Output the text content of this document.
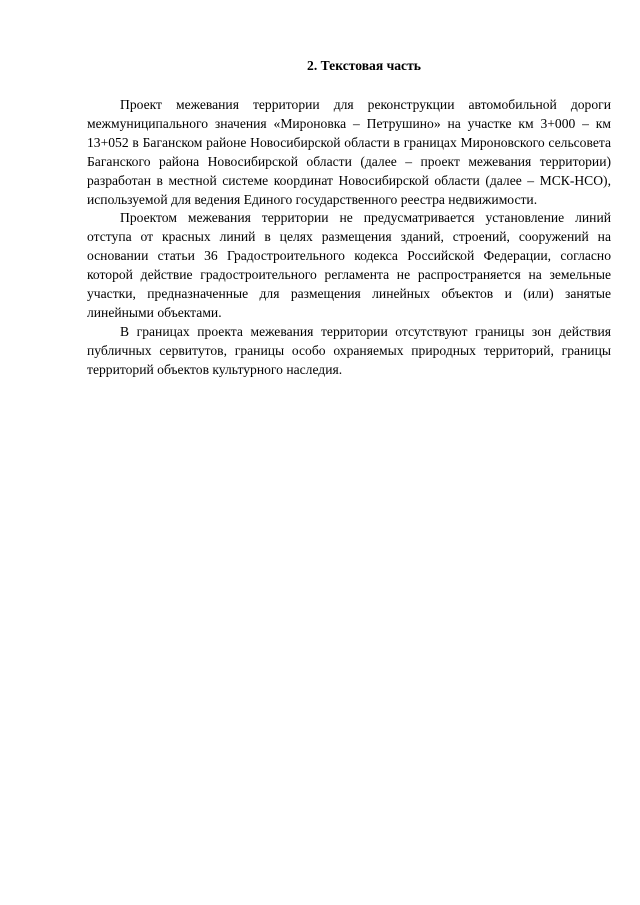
2. Текстовая часть

Проект межевания территории для реконструкции автомобильной дороги межмуниципального значения «Мироновка – Петрушино» на участке км 3+000 – км 13+052 в Баганском районе Новосибирской области в границах Мироновского сельсовета Баганского района Новосибирской области (далее – проект межевания территории) разработан в местной системе координат Новосибирской области (далее – МСК-НСО), используемой для ведения Единого государственного реестра недвижимости.

Проектом межевания территории не предусматривается установление линий отступа от красных линий в целях размещения зданий, строений, сооружений на основании статьи 36 Градостроительного кодекса Российской Федерации, согласно которой действие градостроительного регламента не распространяется на земельные участки, предназначенные для размещения линейных объектов и (или) занятые линейными объектами.

В границах проекта межевания территории отсутствуют границы зон действия публичных сервитутов, границы особо охраняемых природных территорий, границы территорий объектов культурного наследия.
